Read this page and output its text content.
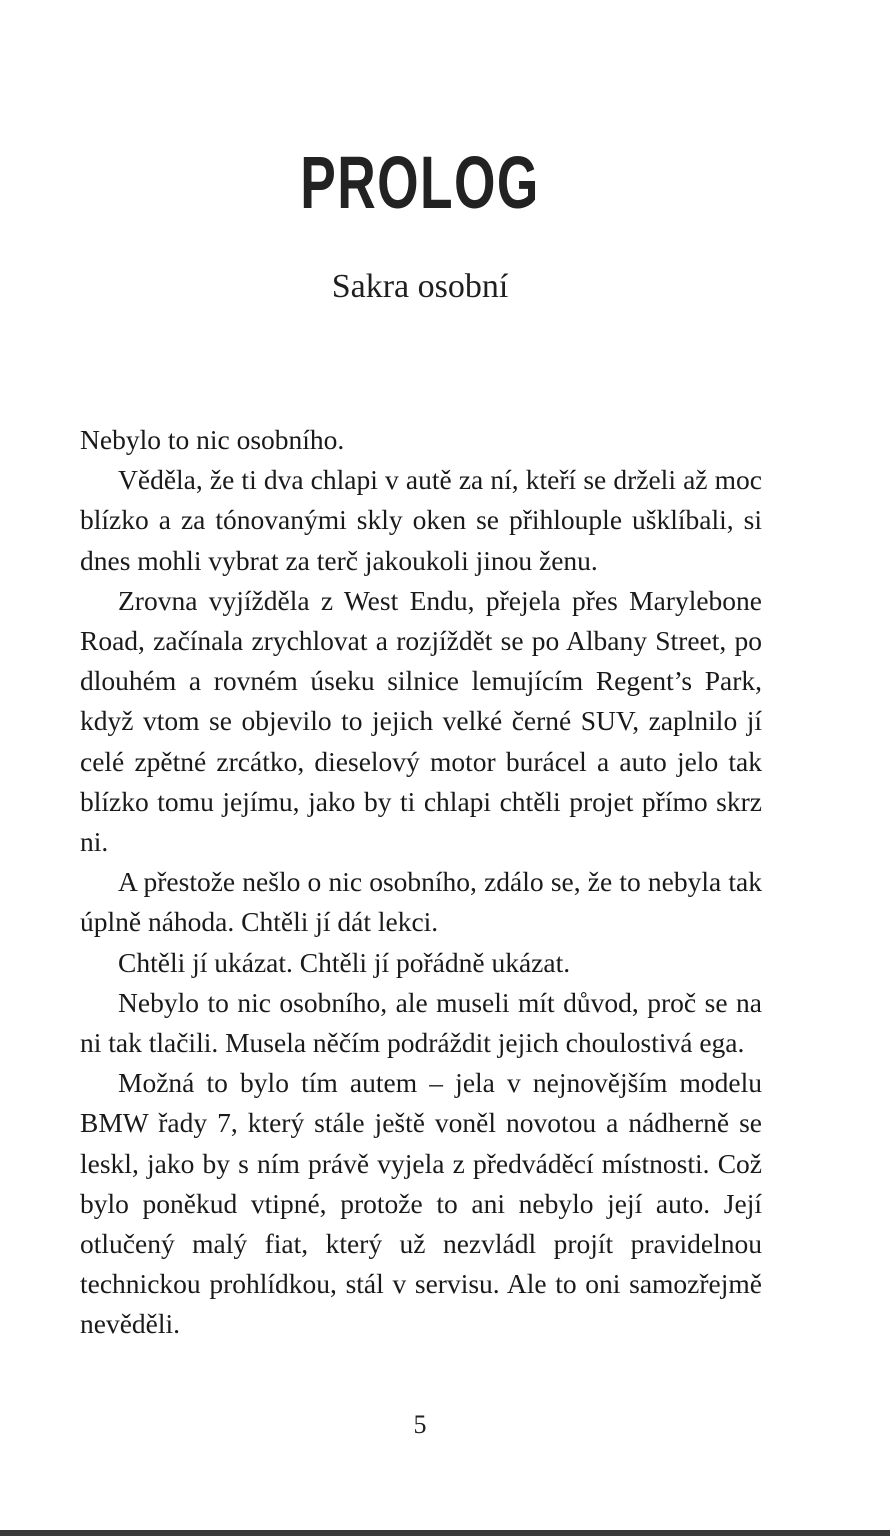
PROLOG
Sakra osobní

Nebylo to nic osobního.

Věděla, že ti dva chlapi v autě za ní, kteří se drželi až moc blízko a za tónovanými skly oken se přihlouple ušklíbali, si dnes mohli vybrat za terč jakoukoli jinou ženu.

Zrovna vyjížděla z West Endu, přejela přes Marylebone Road, začínala zrychlovat a rozjíždět se po Albany Street, po dlouhém a rovném úseku silnice lemujícím Regent’s Park, když vtom se objevilo to jejich velké černé SUV, zaplnilo jí celé zpětné zrcátko, dieselový motor burácel a auto jelo tak blízko tomu jejímu, jako by ti chlapi chtěli projet přímo skrz ni.

A přestože nešlo o nic osobního, zdálo se, že to nebyla tak úplně náhoda. Chtěli jí dát lekci.

Chtěli jí ukázat. Chtěli jí pořádně ukázat.

Nebylo to nic osobního, ale museli mít důvod, proč se na ni tak tlačili. Musela něčím podráždit jejich choulostivá ega.

Možná to bylo tím autem – jela v nejnovějším modelu BMW řady 7, který stále ještě voněl novotou a nádherně se leskl, jako by s ním právě vyjela z předváděcí místnosti. Což bylo poněkud vtipné, protože to ani nebylo její auto. Její otlučený malý fiat, který už nezvládl projít pravidelnou technickou prohlídkou, stál v servisu. Ale to oni samozřejmě nevěděli.

5
